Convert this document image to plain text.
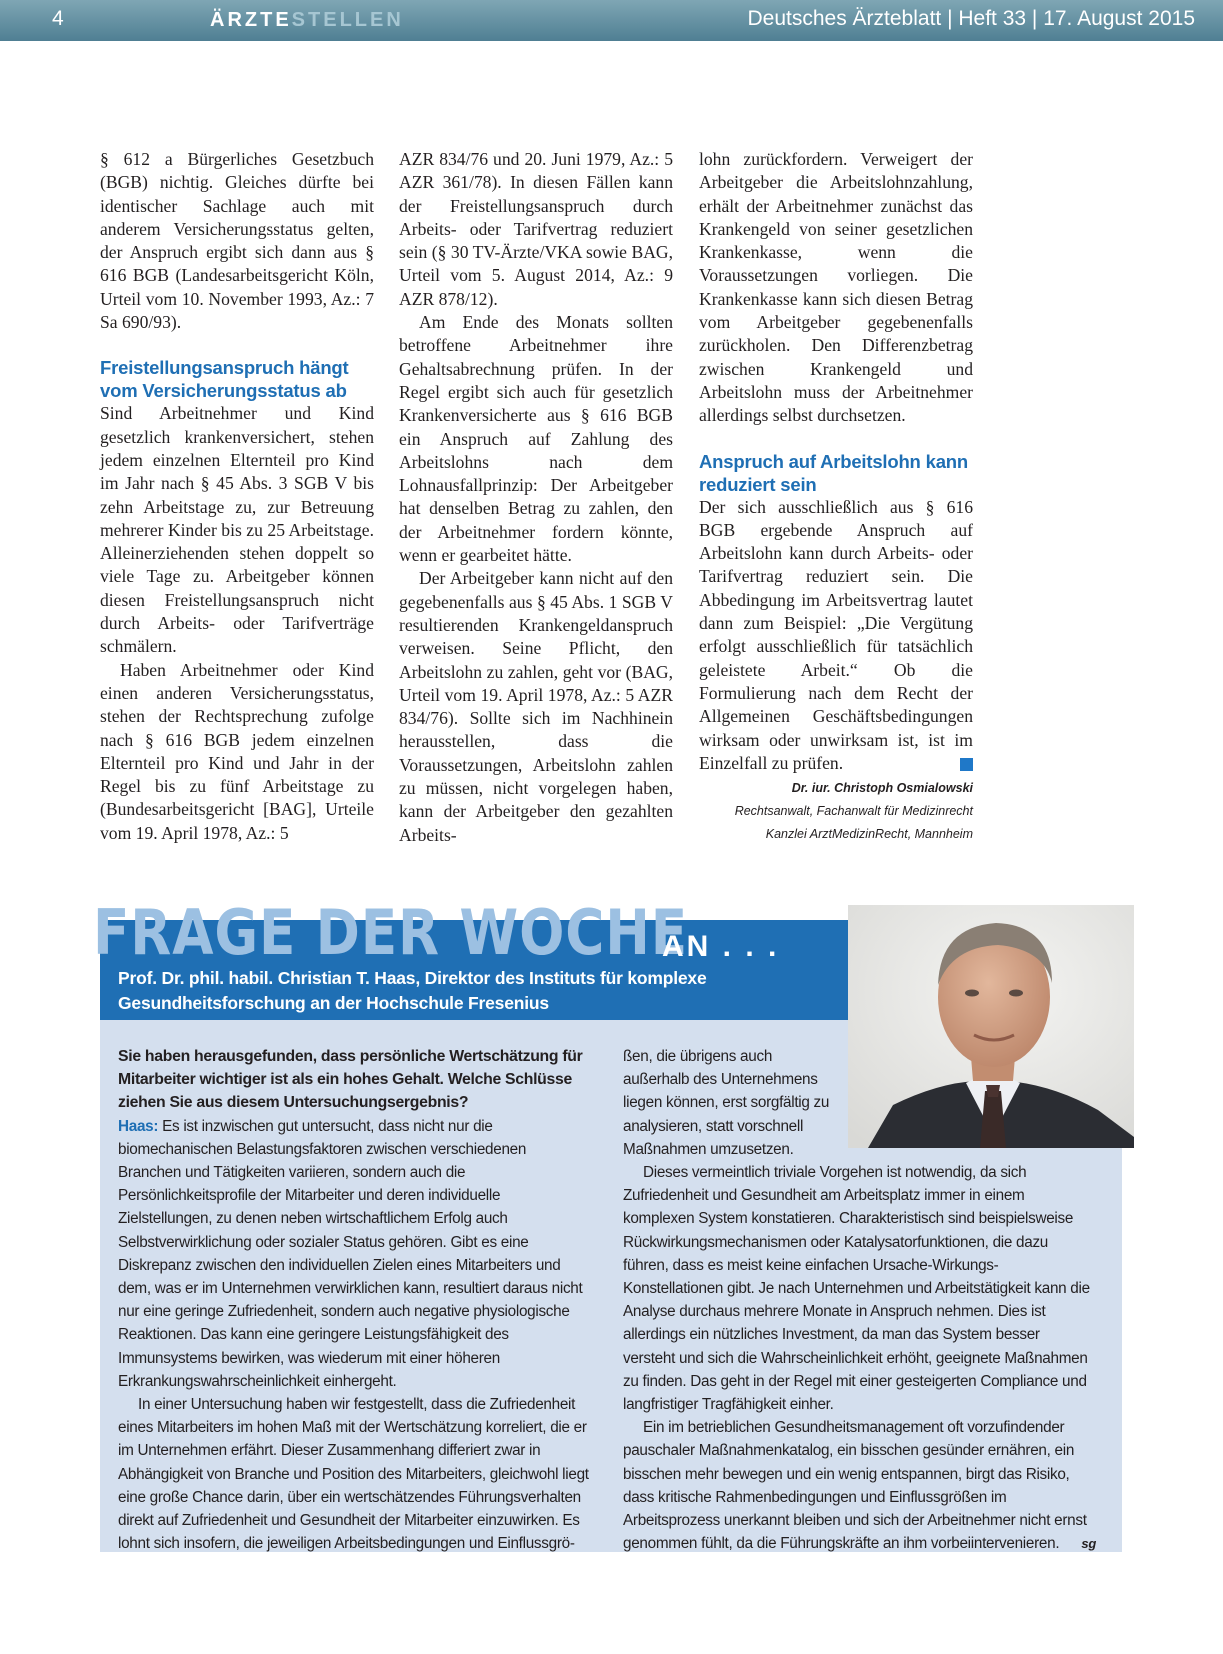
4	ÄRZTESTELLEN	Deutsches Ärzteblatt | Heft 33 | 17. August 2015

§ 612 a Bürgerliches Gesetzbuch (BGB) nichtig. Gleiches dürfte bei identischer Sachlage auch mit anderem Versicherungsstatus gelten, der Anspruch ergibt sich dann aus § 616 BGB (Landesarbeitsgericht Köln, Urteil vom 10. November 1993, Az.: 7 Sa 690/93).

Freistellungsanspruch hängt vom Versicherungsstatus ab

Sind Arbeitnehmer und Kind gesetzlich krankenversichert, stehen jedem einzelnen Elternteil pro Kind im Jahr nach § 45 Abs. 3 SGB V bis zehn Arbeitstage zu, zur Betreuung mehrerer Kinder bis zu 25 Arbeitstage. Alleinerziehenden stehen doppelt so viele Tage zu. Arbeitgeber können diesen Freistellungsanspruch nicht durch Arbeits- oder Tarifverträge schmälern.

Haben Arbeitnehmer oder Kind einen anderen Versicherungsstatus, stehen der Rechtsprechung zufolge nach § 616 BGB jedem einzelnen Elternteil pro Kind und Jahr in der Regel bis zu fünf Arbeitstage zu (Bundesarbeitsgericht [BAG], Urteile vom 19. April 1978, Az.: 5

AZR 834/76 und 20. Juni 1979, Az.: 5 AZR 361/78). In diesen Fällen kann der Freistellungsanspruch durch Arbeits- oder Tarifvertrag reduziert sein (§ 30 TV-Ärzte/VKA sowie BAG, Urteil vom 5. August 2014, Az.: 9 AZR 878/12).

Am Ende des Monats sollten betroffene Arbeitnehmer ihre Gehaltsabrechnung prüfen. In der Regel ergibt sich auch für gesetzlich Krankenversicherte aus § 616 BGB ein Anspruch auf Zahlung des Arbeitslohns nach dem Lohnausfallprinzip: Der Arbeitgeber hat denselben Betrag zu zahlen, den der Arbeitnehmer fordern könnte, wenn er gearbeitet hätte.

Der Arbeitgeber kann nicht auf den gegebenenfalls aus § 45 Abs. 1 SGB V resultierenden Krankengeldanspruch verweisen. Seine Pflicht, den Arbeitslohn zu zahlen, geht vor (BAG, Urteil vom 19. April 1978, Az.: 5 AZR 834/76). Sollte sich im Nachhinein herausstellen, dass die Voraussetzungen, Arbeitslohn zahlen zu müssen, nicht vorgelegen haben, kann der Arbeitgeber den gezahlten Arbeits-

lohn zurückfordern. Verweigert der Arbeitgeber die Arbeitslohnzahlung, erhält der Arbeitnehmer zunächst das Krankengeld von seiner gesetzlichen Krankenkasse, wenn die Voraussetzungen vorliegen. Die Krankenkasse kann sich diesen Betrag vom Arbeitgeber gegebenenfalls zurückholen. Den Differenzbetrag zwischen Krankengeld und Arbeitslohn muss der Arbeitnehmer allerdings selbst durchsetzen.

Anspruch auf Arbeitslohn kann reduziert sein

Der sich ausschließlich aus § 616 BGB ergebende Anspruch auf Arbeitslohn kann durch Arbeits- oder Tarifvertrag reduziert sein. Die Abbedingung im Arbeitsvertrag lautet dann zum Beispiel: „Die Vergütung erfolgt ausschließlich für tatsächlich geleistete Arbeit.“ Ob die Formulierung nach dem Recht der Allgemeinen Geschäftsbedingungen wirksam oder unwirksam ist, ist im Einzelfall zu prüfen.

Dr. iur. Christoph Osmialowski
Rechtsanwalt, Fachanwalt für Medizinrecht
Kanzlei ArztMedizinRecht, Mannheim
FRAGE DER WOCHE
AN . . .
Prof. Dr. phil. habil. Christian T. Haas, Direktor des Instituts für komplexe Gesundheitsforschung an der Hochschule Fresenius

Sie haben herausgefunden, dass persönliche Wertschätzung für Mitarbeiter wichtiger ist als ein hohes Gehalt. Welche Schlüsse ziehen Sie aus diesem Untersuchungsergebnis?

Haas: Es ist inzwischen gut untersucht, dass nicht nur die biomechanischen Belastungsfaktoren zwischen verschiedenen Branchen und Tätigkeiten variieren, sondern auch die Persönlichkeitsprofile der Mitarbeiter und deren individuelle Zielstellungen, zu denen neben wirtschaftlichem Erfolg auch Selbstverwirklichung oder sozialer Status gehören. Gibt es eine Diskrepanz zwischen den individuellen Zielen eines Mitarbeiters und dem, was er im Unternehmen verwirklichen kann, resultiert daraus nicht nur eine geringe Zufriedenheit, sondern auch negative physiologische Reaktionen. Das kann eine geringere Leistungsfähigkeit des Immunsystems bewirken, was wiederum mit einer höheren Erkrankungswahrscheinlichkeit einhergeht.

In einer Untersuchung haben wir festgestellt, dass die Zufriedenheit eines Mitarbeiters im hohen Maß mit der Wertschätzung korreliert, die er im Unternehmen erfährt. Dieser Zusammenhang differiert zwar in Abhängigkeit von Branche und Position des Mitarbeiters, gleichwohl liegt eine große Chance darin, über ein wertschätzendes Führungsverhalten direkt auf Zufriedenheit und Gesundheit der Mitarbeiter einzuwirken. Es lohnt sich insofern, die jeweiligen Arbeitsbedingungen und Einflussgrö-

ßen, die übrigens auch außerhalb des Unternehmens liegen können, erst sorgfältig zu analysieren, statt vorschnell Maßnahmen umzusetzen.

Dieses vermeintlich triviale Vorgehen ist notwendig, da sich Zufriedenheit und Gesundheit am Arbeitsplatz immer in einem komplexen System konstatieren. Charakteristisch sind beispielsweise Rückwirkungsmechanismen oder Katalysatorfunktionen, die dazu führen, dass es meist keine einfachen Ursache-Wirkungs-Konstellationen gibt. Je nach Unternehmen und Arbeitstätigkeit kann die Analyse durchaus mehrere Monate in Anspruch nehmen. Dies ist allerdings ein nützliches Investment, da man das System besser versteht und sich die Wahrscheinlichkeit erhöht, geeignete Maßnahmen zu finden. Das geht in der Regel mit einer gesteigerten Compliance und langfristiger Tragfähigkeit einher.

Ein im betrieblichen Gesundheitsmanagement oft vorzufindender pauschaler Maßnahmenkatalog, ein bisschen gesünder ernähren, ein bisschen mehr bewegen und ein wenig entspannen, birgt das Risiko, dass kritische Rahmenbedingungen und Einflussgrößen im Arbeitsprozess unerkannt bleiben und sich der Arbeitnehmer nicht ernst genommen fühlt, da die Führungskräfte an ihm vorbeiintervenieren.	sg
